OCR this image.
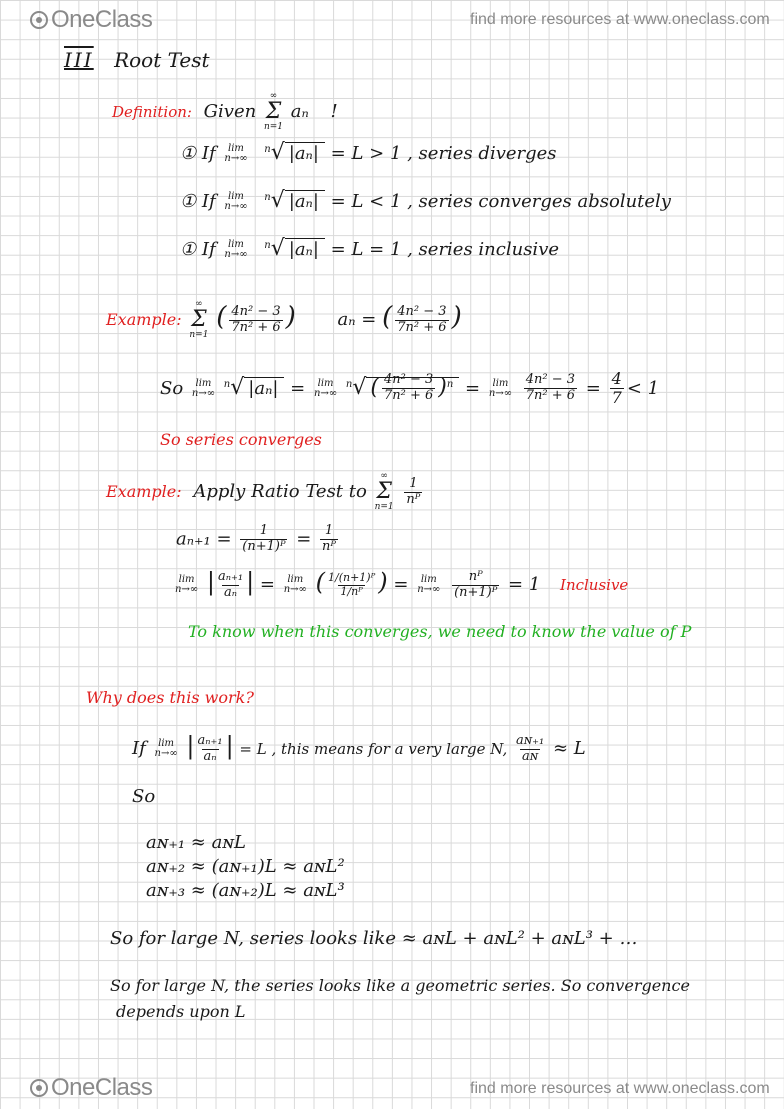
OneClass	find more resources at www.oneclass.com
III Root Test
Definition: Given
∞
Σ
n=1
aₙ !
① If lim
n→∞
$^n$√ |aₙ| = L > 1 , series diverges
① If lim
n→∞
$^n$√ |aₙ| = L < 1 , series converges absolutely
① If lim
n→∞
$^n$√ |aₙ| = L = 1 , series inclusive
Example:
∞
Σ
n=1
( $\frac{\text{4n² − 3}}{\text{7n² + 6}}$ ) aₙ = ( $\frac{\text{4n² − 3}}{\text{7n² + 6}}$ )
So lim
n→∞
$^n$√ |aₙ| = lim
n→∞
$^n$√ ( $\frac{\text{4n² − 3}}{\text{7n² + 6}} )^n = \lim$
n→∞
$\frac{\text{4n² − 3}}{\text{7n² + 6}} = \frac{4}{7} < 1$
So series converges
Example: Apply Ratio Test to
∞
Σ
n=1
$\frac{1}{\text{nᴾ}}$
$a_{n+1} = \frac{1}{\text{(n+1)ᴾ}} = \frac{1}{\text{nᴾ}}$
lim
n→∞ | $\frac{\text{aₙ₊₁}}{\text{aₙ}}$ | = lim
n→∞ ( $\frac{\text{1/(n+1)ᴾ}}{\text{1/nᴾ}}$ ) = lim
n→∞
$\frac{\text{nᴾ}}{\text{(n+1)ᴾ}} = 1$ Inclusive
To know when this converges, we need to know the value of P
Why does this work?
If lim
n→∞ | $\frac{\text{aₙ₊₁}}{\text{aₙ}}$ | = L , this means for a very large N, $\frac{\text{aɴ₊₁}}{\text{aɴ}} \approx L$
So
aɴ₊₁ ≈ aɴL
aɴ₊₂ ≈ (aɴ₊₁)L ≈ aɴL²
aɴ₊₃ ≈ (aɴ₊₂)L ≈ aɴL³
So for large N, series looks like ≈ aɴL + aɴL² + aɴL³ + …
So for large N, the series looks like a geometric series. So convergence
depends upon L
OneClass	find more resources at www.oneclass.com
